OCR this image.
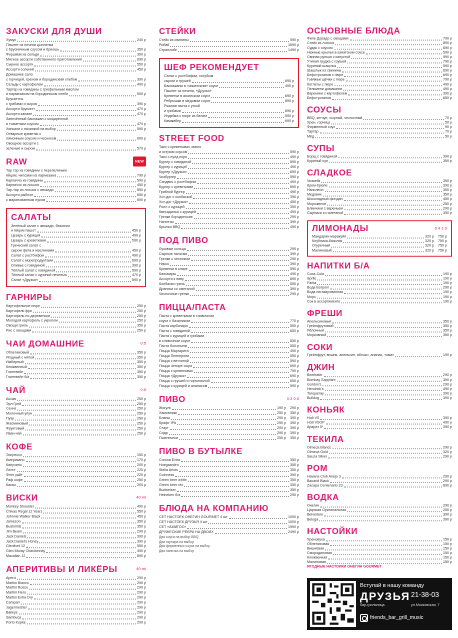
ЗАКУСКИ ДЛЯ ДУШИ
Хумус	240 р
Паштет из печени цыпленка
с брусничным соусом и бриошь	350 р
Форшмак из сельди	390 р
Мясное ассорти собственного приготовления	690 р
Сырное ассорти	550 р
Ассорти солений	450 р
Домашнее сало
с горчицей, хреном и бородинским хлебом	390 р
Сельдь с картофелем	490 р
Тартар из говядины с трюфельным маслом
и пармезаном на бородинском хлебе	590 р
Брускетты
с грибами и сыром	390 р
Ассорти брускетт	470 р
Ассорти канапе	470 р
Запечённый баклажан с моцареллой
и томатным соусом	470 р
Хинкали с начинкой на выбор	590 р
Отварные креветки с
лимонным соусом и чесноком	690 р
Овощное ассорти с
зеленью и сыром	570 р
RAW	NEW
Тар тар из говядины с перепелиным
яйцом, чипсами из пармезана	790 р
Карпаччо из говядины	590 р
Карпаччо из лосося	450 р
Тар-тар из лосося с авокадо	850 р
Ассорти рыбное	650 р
с маринованным луком	690 р
САЛАТЫ
Зелёный салат с авокадо, беконом
и яйцом пашот	450 р
Цезарь с курицей	490 р
Цезарь с креветками	590 р
Греческий салат с
сыром фета и маслинами	450 р
Салат с ростбифом	490 р
Салат с морепродуктами	690 р
Оливье с говядиной	390 р
Тёплый салат с говядиной	590 р
Тёплый салат с куриной печенью	470 р
Салат «Друзья»	590 р
ГАРНИРЫ
Картофельное пюре	250 р
Картофель фри	250 р
Картофель по-деревенски	250 р
Молодой картофель с укропом	250 р
Овощи гриль	350 р
Рис с овощами	250 р
ЧАИ ДОМАШНИЕ	0.5
Облепиховый	350 р
Ягодный с мятой	350 р
Имбирный	350 р
Клюквенный	350 р
Глинтвейн	350 р
Глинтвейн б/а	350 р
ЧАЙ	0.5
Ассам	250 р
Эрл Грей	250 р
Сенча	250 р
Молочный улун	250 р
Пуэр	250 р
Жасминовый	250 р
Фруктовый	250 р
Иван-чай	250 р
КОФЕ
Эспрессо	150 р
Американо	170 р
Капучино	200 р
Латте	220 р
Флэт уайт	220 р
Раф кофе	250 р
Какао	200 р
ВИСКИ	40 ml
Monkey Shoulder	490 р
Chivas Regal 12 Years	550 р
Johnnie Walker Black	450 р
Jameson	350 р
Bushmills	350 р
Jim Beam	290 р
Jack Daniels	390 р
Jack Daniel's Honey	390 р
Glenlivet 12	550 р
Glen Moray Chardonnay	490 р
Macallan 12	890 р
АПЕРИТИВЫ И ЛИКЁРЫ	40 ml
Aperol	290 р
Martini Bianco	290 р
Martini Rosso	290 р
Martini Fiero	290 р
Martini Extra Dry	290 р
Campari	290 р
Jagermeister	290 р
Baileys	290 р
Sambuca	290 р
Porto Kopke	290 р
СТЕЙКИ
Стейк из свинины	590 р
Рибай	1690 р
Стриплойн	1490 р
ШЕФ РЕКОМЕНДУЕТ
Салат с ростбифом, голубым
сыром и грушей	690 р
Баклажаны в «азиатском» соусе	490 р
Паштет из печени, «Друзья»
Креветки в азиатском соусе	690 р
Ребрышки в медовом соусе	890 р
Ржаная паста с уткой
и грибами	690 р
Индейка с пюре из батата	590 р
Камамбер	690 р
STREET FOOD
Тако с креветками, манго
и острым соусом	590 р
Тако с пулд порк	490 р
Бургер с говядиной	590 р
Бургер с курицей	490 р
Бургер «Друзья»	690 р
Чизбургер	590 р
Сэндвич с ростбифом	490 р
Бургер с креветками	690 р
Грибной бургер	490 р
Хот-дог с колбаской	390 р
Хот-дог «Друзья»	450 р
Ролл с курицей	390 р
Квесадилья с курицей	490 р
Гренки бородинские	290 р
Наггетсы	390 р
Крылья BBQ	490 р
ПОД ПИВО
Луковые кольца	290 р
Сырные палочки	390 р
Гренки с чесноком	290 р
Начос	390 р
Креветки в кляре	590 р
Кальмары	490 р
Ассорти к пиву	890 р
Колбаски гриль	590 р
Драники со сметаной	390 р
Чесночные гренки	290 р
ПИЦЦА/ПАСТА
Паста с креветками в сливочном
соусе с базиликом	770 р
Паста карбонара	590 р
Паста с говядиной	650 р
Паста с курицей и грибами
в сливочном соусе	550 р
Паста болоньезе	550 р
Пицца Маргарита	490 р
Пицца Пепперони	590 р
Пицца с ветчиной	590 р
Пицца четыре сыра	690 р
Пицца с креветками	790 р
Пицца «Друзья»	690 р
Пицца с грушей и горгонзолой	650 р
Пицца с курицей и ананасом	590 р
ПИВО	0.3 0.5
Жигули	190 р 290 р
Хамовники	250 р 350 р
Бланш	290 р 390 р
Крафт IPA	290 р 390 р
Стаут	290 р 390 р
Сидр	290 р 390 р
Пшеничное	250 р 350 р
ПИВО В БУТЫЛКЕ
Corona Extra	350 р
Hoegaarden	350 р
Stella Artois	350 р
Guinness	390 р
Green beer white	350 р
Green beer red	350 р
Budweiser	350 р
Heineken б/а	290 р
БЛЮДА НА КОМПАНИЮ
СЕТ НАСТОЕК ОНЕГИН GOURMET 4 шт	1000 р
СЕТ НАСТОЕК ДРУЗЬЯ 4 шт	1000 р
СЕТ «АМИГОС»	1990 р
ДРУЖЕСКИЕ РЕБРА НА ДВОИХ	2490 р
Два соуса на выбор BBQ
Два гарнира на выбор
Два фирменных соуса на выбор
Два напитка на выбор
ОСНОВНЫЕ БЛЮДА
Филе Дорадо с овощами	790 р
Стейк из лосося	890 р
Судак с соусом	690 р
Нежные крылья в азиатском соусе	590 р
Свиная рулька с капустой	990 р
Утиная грудка с грушей	790 р
Куриный шашлык	590 р
Шашлык из свинины	690 р
Бефстроганов с пюре	690 р
Говяжьи щёчки с пюре	790 р
Котлеты с пюре	490 р
Пельмени домашние	490 р
Вареники с картофелем	390 р
Бефстроганов	650 р
СОУСЫ
BBQ, кетчуп, сырный, чесночный	70 р
Хрен, горчица	50 р
Фирменный соус	90 р
Тартар	70 р
Мёд	50 р
СУПЫ
Борщ с говядиной	390 р
Куриный суп	350 р
СЛАДКОЕ
Чизкейк	390 р
Крем-брюле	390 р
Наполеон	350 р
Медовик	350 р
Шоколадный фондан	450 р
Мороженое	250 р
Блинчики с вареньем	290 р
Сырники со сметаной	350 р
ЛИМОНАДЫ	0.4 1.0
Мандарин-маракуйя	320 р 750 р
Клубника-базилик	320 р 750 р
Огуречный	320 р 750 р
Малиновый	320 р 750 р
НАПИТКИ Б/А
Coca-Cola	190 р
Sprite	190 р
Fanta	190 р
Вода Borjomi	290 р
Вода негазированная	190 р
Морс	190 р
Сок в ассортименте	190 р
ФРЕШИ
Апельсиновый	350 р
Грейпфрутовый	350 р
Яблочный	350 р
Морковный	350 р
СОКИ
Грейпфрут, вишня, апельсин, яблоко, ананас, томат	190 р
ДЖИН
Beefeater	290 р
Bombay Sapphire	390 р
Gordon's	290 р
Hendrick's	490 р
Tanqueray	390 р
Bulldog	390 р
КОНЬЯК
Ной VS	390 р
Ной VSOP	490 р
Арарат 5*	390 р
ТЕКИЛА
Olmeca Blanco	290 р
Olmeca Gold	320 р
Sauza Silver	290 р
РОМ
Havana Club Anejo 3	290 р
Bacardi Black	290 р
Zacapa Centenario 23	890 р
ВОДКА
Онегин	290 р
Царская Оригинальная	250 р
Belvedere	390 р
Beluga	390 р
НАСТОЙКИ
Хреновуха	150 р
Облепиховая	150 р
Вишнёвая	150 р
Смородиновая	150 р
Клюквенная	150 р
Малиновая	150 р
ЯГОДНЫЕ НАСТОЙКИ ОНЕГИН GOURMET
Вступай в нашу команду
ДРУЗЬЯ 21-38-03
бар-грильница	ул.Московская, 7
friends_bar_grill_music
